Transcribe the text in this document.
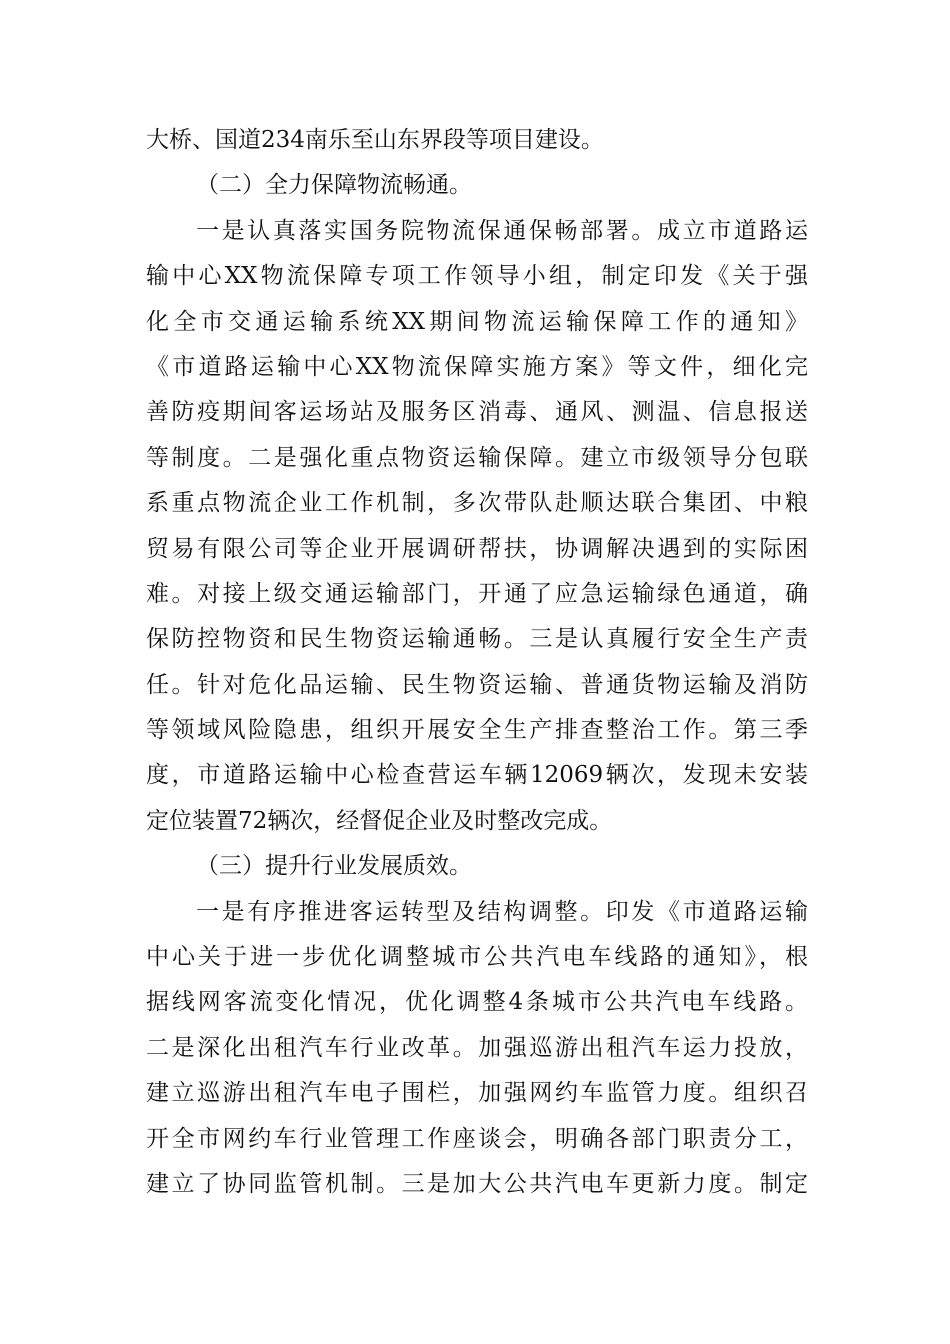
大桥、国道234南乐至山东界段等项目建设。
（二）全力保障物流畅通。
一是认真落实国务院物流保通保畅部署。成立市道路运
输中心XX物流保障专项工作领导小组，制定印发《关于强
化全市交通运输系统XX期间物流运输保障工作的通知》
《市道路运输中心XX物流保障实施方案》等文件，细化完
善防疫期间客运场站及服务区消毒、通风、测温、信息报送
等制度。二是强化重点物资运输保障。建立市级领导分包联
系重点物流企业工作机制，多次带队赴顺达联合集团、中粮
贸易有限公司等企业开展调研帮扶，协调解决遇到的实际困
难。对接上级交通运输部门，开通了应急运输绿色通道，确
保防控物资和民生物资运输通畅。三是认真履行安全生产责
任。针对危化品运输、民生物资运输、普通货物运输及消防
等领域风险隐患，组织开展安全生产排查整治工作。第三季
度，市道路运输中心检查营运车辆12069辆次，发现未安装
定位装置72辆次，经督促企业及时整改完成。
（三）提升行业发展质效。
一是有序推进客运转型及结构调整。印发《市道路运输
中心关于进一步优化调整城市公共汽电车线路的通知》，根
据线网客流变化情况，优化调整4条城市公共汽电车线路。
二是深化出租汽车行业改革。加强巡游出租汽车运力投放，
建立巡游出租汽车电子围栏，加强网约车监管力度。组织召
开全市网约车行业管理工作座谈会，明确各部门职责分工，
建立了协同监管机制。三是加大公共汽电车更新力度。制定
